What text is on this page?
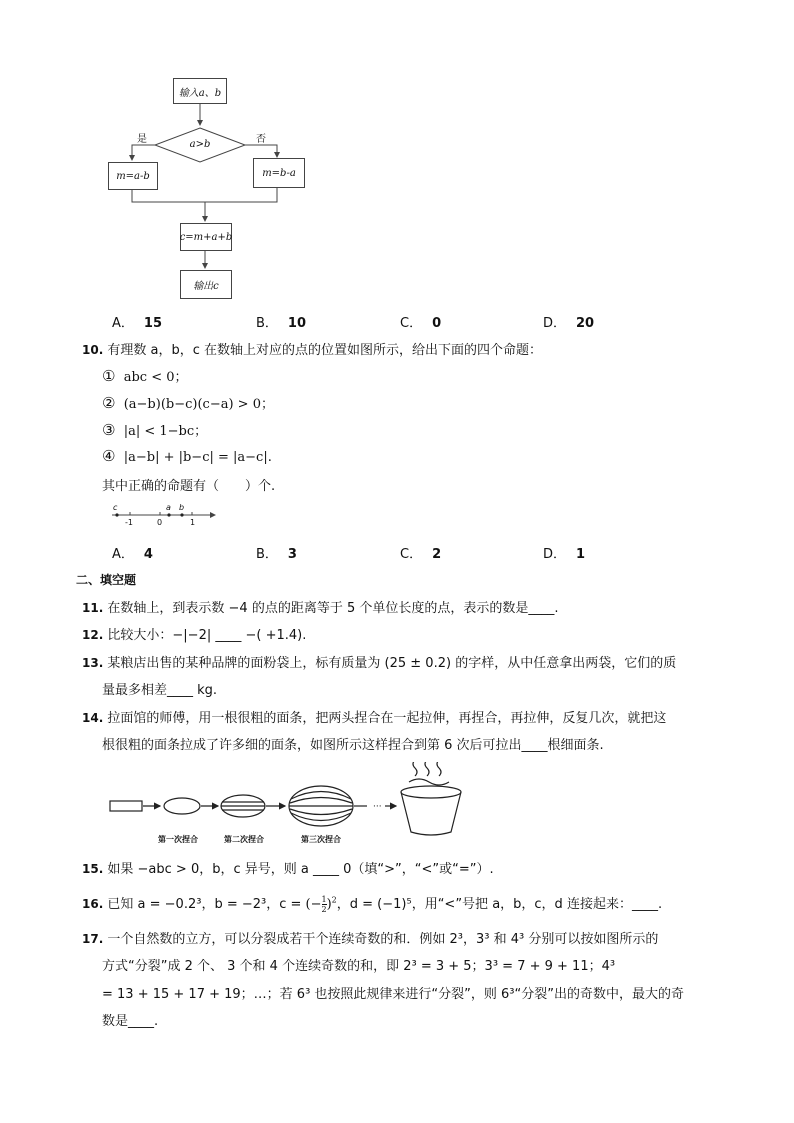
输入a、b
a>b
是	否
m=a-b	m=b-a
c=m+a+b
输出c
A． 15	B． 10	C． 0	D． 20
10. 有理数 a，b，c 在数轴上对应的点的位置如图所示，给出下面的四个命题：
① abc < 0；
② (a−b)(b−c)(c−a) > 0；
③ |a| < 1−bc；
④ |a−b| + |b−c| = |a−c|.
其中正确的命题有（　　）个.
c	a b
-1	0	1
A． 4	B． 3	C． 2	D． 1
二、填空题
11. 在数轴上，到表示数 −4 的点的距离等于 5 个单位长度的点，表示的数是____.
12. 比较大小：−|−2| ____ −( +1.4).
13. 某粮店出售的某种品牌的面粉袋上，标有质量为 (25 ± 0.2) 的字样，从中任意拿出两袋，它们的质
量最多相差____ kg.
14. 拉面馆的师傅，用一根很粗的面条，把两头捏合在一起拉伸，再捏合，再拉伸，反复几次，就把这
根很粗的面条拉成了许多细的面条，如图所示这样捏合到第 6 次后可拉出____根细面条.
···
第一次捏合	第二次捏合	第三次捏合
15. 如果 −abc > 0，b，c 异号，则 a ____ 0（填“>”，“<”或“=”）.
16. 已知 a = −0.2³，b = −2³，c = (− $\frac{1}{2} )^2$，d = (−1)⁵，用“<”号把 a，b，c，d 连接起来：____.
17. 一个自然数的立方，可以分裂成若干个连续奇数的和．例如 2³，3³ 和 4³ 分别可以按如图所示的
方式“分裂”成 2 个、 3 个和 4 个连续奇数的和，即 2³ = 3 + 5；3³ = 7 + 9 + 11；4³
= 13 + 15 + 17 + 19；…；若 6³ 也按照此规律来进行“分裂”，则 6³“分裂”出的奇数中，最大的奇
数是____.
